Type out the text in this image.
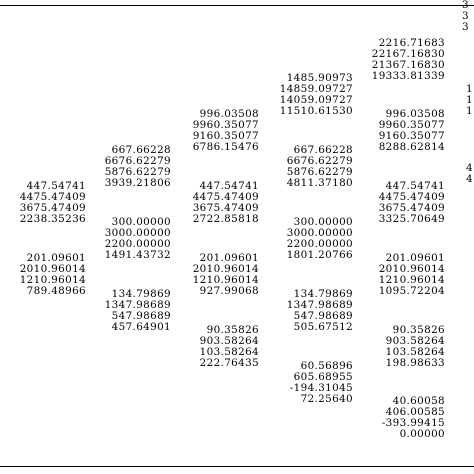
447.54741
4475.47409
3675.47409
2238.35236
201.09601
2010.96014
1210.96014
789.48966
667.66228
6676.62279
5876.62279
3939.21806
300.00000
3000.00000
2200.00000
1491.43732
134.79869
1347.98689
547.98689
457.64901
996.03508
9960.35077
9160.35077
6786.15476
447.54741
4475.47409
3675.47409
2722.85818
201.09601
2010.96014
1210.96014
927.99068
90.35826
903.58264
103.58264
222.76435
1485.90973
14859.09727
14059.09727
11510.61530
667.66228
6676.62279
5876.62279
4811.37180
300.00000
3000.00000
2200.00000
1801.20766
134.79869
1347.98689
547.98689
505.67512
60.56896
605.68955
-194.31045
72.25640
2216.71683
22167.16830
21367.16830
19333.81339
996.03508
9960.35077
9160.35077
8288.62814
447.54741
4475.47409
3675.47409
3325.70649
201.09601
2010.96014
1210.96014
1095.72204
90.35826
903.58264
103.58264
198.98633
40.60058
406.00585
-393.99415
0.00000
3
3
3
1
1
1
4
4
